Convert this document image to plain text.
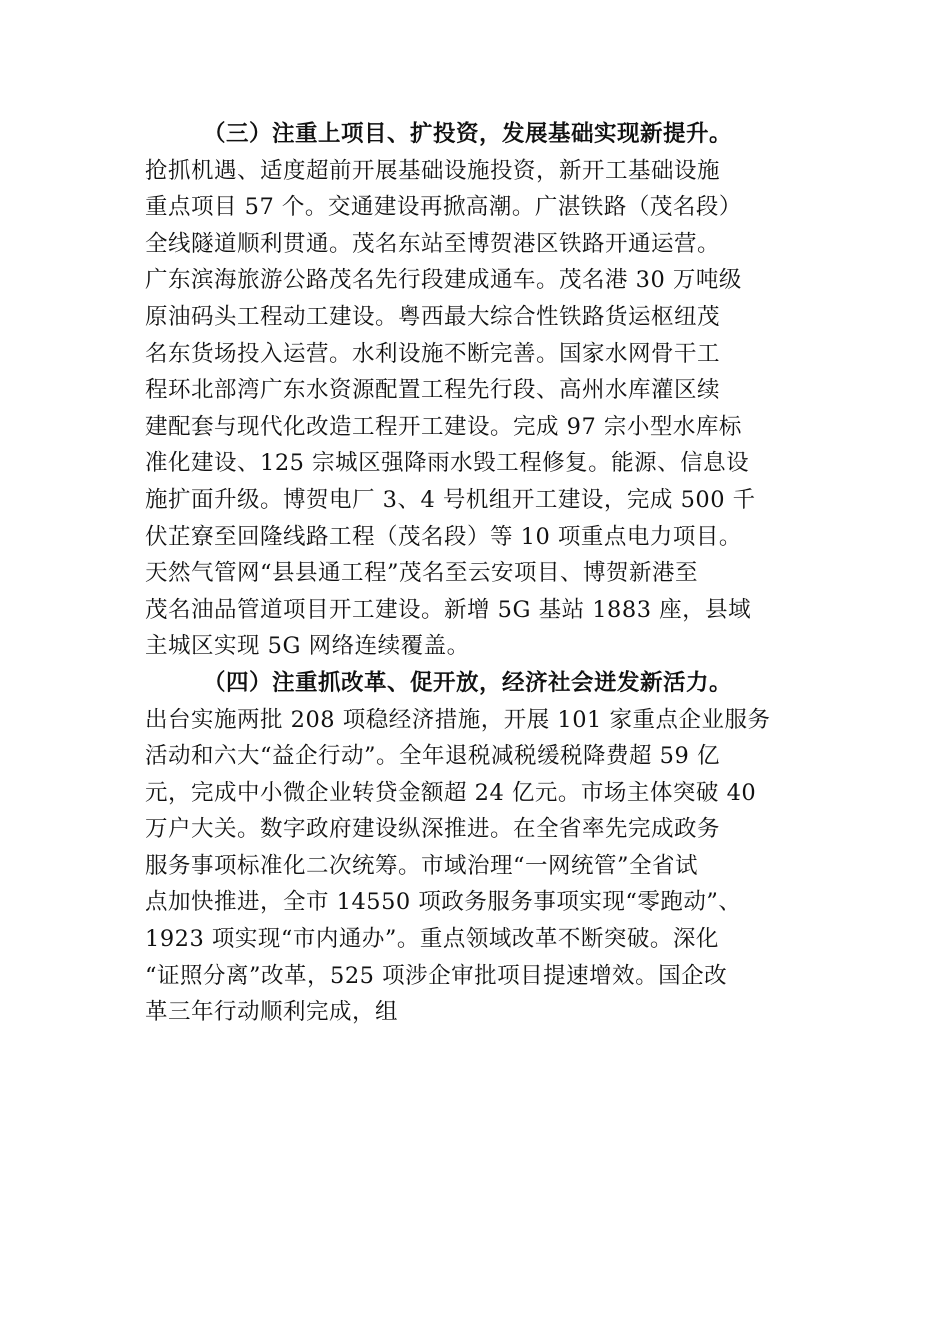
（三）注重上项目、扩投资，发展基础实现新提升。
抢抓机遇、适度超前开展基础设施投资，新开工基础设施
重点项目 57 个。交通建设再掀高潮。广湛铁路（茂名段）
全线隧道顺利贯通。茂名东站至博贺港区铁路开通运营。
广东滨海旅游公路茂名先行段建成通车。茂名港 30 万吨级
原油码头工程动工建设。粤西最大综合性铁路货运枢纽茂
名东货场投入运营。水利设施不断完善。国家水网骨干工
程环北部湾广东水资源配置工程先行段、高州水库灌区续
建配套与现代化改造工程开工建设。完成 97 宗小型水库标
准化建设、125 宗城区强降雨水毁工程修复。能源、信息设
施扩面升级。博贺电厂 3、4 号机组开工建设，完成 500 千
伏芷寮至回隆线路工程（茂名段）等 10 项重点电力项目。
天然气管网“县县通工程”茂名至云安项目、博贺新港至
茂名油品管道项目开工建设。新增 5G 基站 1883 座，县域
主城区实现 5G 网络连续覆盖。
（四）注重抓改革、促开放，经济社会迸发新活力。
出台实施两批 208 项稳经济措施，开展 101 家重点企业服务
活动和六大“益企行动”。全年退税减税缓税降费超 59 亿
元，完成中小微企业转贷金额超 24 亿元。市场主体突破 40
万户大关。数字政府建设纵深推进。在全省率先完成政务
服务事项标准化二次统筹。市域治理“一网统管”全省试
点加快推进，全市 14550 项政务服务事项实现“零跑动”、
1923 项实现“市内通办”。重点领域改革不断突破。深化
“证照分离”改革，525 项涉企审批项目提速增效。国企改
革三年行动顺利完成，组
